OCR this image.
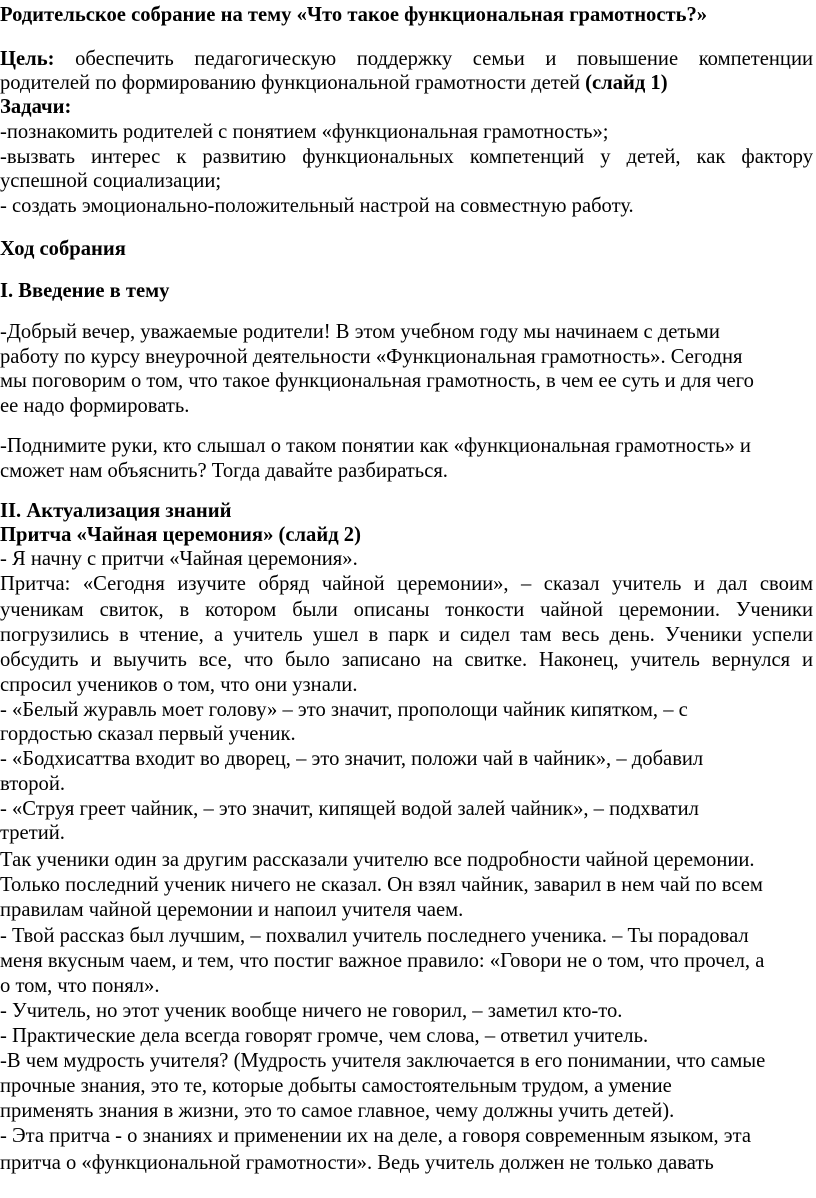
Родительское собрание на тему «Что такое функциональная грамотность?»
Цель: обеспечить педагогическую поддержку семьи и повышение компетенции
родителей по формированию функциональной грамотности детей (слайд 1)
Задачи:
-познакомить родителей с понятием «функциональная грамотность»;
-вызвать интерес к развитию функциональных компетенций у детей, как фактору
успешной социализации;
- создать эмоционально-положительный настрой на совместную работу.
Ход собрания
I. Введение в тему
-Добрый вечер, уважаемые родители! В этом учебном году мы начинаем с детьми
работу по курсу внеурочной деятельности «Функциональная грамотность». Сегодня
мы поговорим о том, что такое функциональная грамотность, в чем ее суть и для чего
ее надо формировать.
-Поднимите руки, кто слышал о таком понятии как «функциональная грамотность» и
сможет нам объяснить? Тогда давайте разбираться.
II. Актуализация знаний
Притча «Чайная церемония» (слайд 2)
- Я начну с притчи «Чайная церемония».
Притча: «Сегодня изучите обряд чайной церемонии», – сказал учитель и дал своим
ученикам свиток, в котором были описаны тонкости чайной церемонии. Ученики
погрузились в чтение, а учитель ушел в парк и сидел там весь день. Ученики успели
обсудить и выучить все, что было записано на свитке. Наконец, учитель вернулся и
спросил учеников о том, что они узнали.
- «Белый журавль моет голову» – это значит, прополощи чайник кипятком, – с
гордостью сказал первый ученик.
- «Бодхисаттва входит во дворец, – это значит, положи чай в чайник», – добавил
второй.
- «Струя греет чайник, – это значит, кипящей водой залей чайник», – подхватил
третий.
Так ученики один за другим рассказали учителю все подробности чайной церемонии.
Только последний ученик ничего не сказал. Он взял чайник, заварил в нем чай по всем
правилам чайной церемонии и напоил учителя чаем.
- Твой рассказ был лучшим, – похвалил учитель последнего ученика. – Ты порадовал
меня вкусным чаем, и тем, что постиг важное правило: «Говори не о том, что прочел, а
о том, что понял».
- Учитель, но этот ученик вообще ничего не говорил, – заметил кто-то.
- Практические дела всегда говорят громче, чем слова, – ответил учитель.
-В чем мудрость учителя? (Мудрость учителя заключается в его понимании, что самые
прочные знания, это те, которые добыты самостоятельным трудом, а умение
применять знания в жизни, это то самое главное, чему должны учить детей).
- Эта притча - о знаниях и применении их на деле, а говоря современным языком, эта
притча о «функциональной грамотности». Ведь учитель должен не только давать
